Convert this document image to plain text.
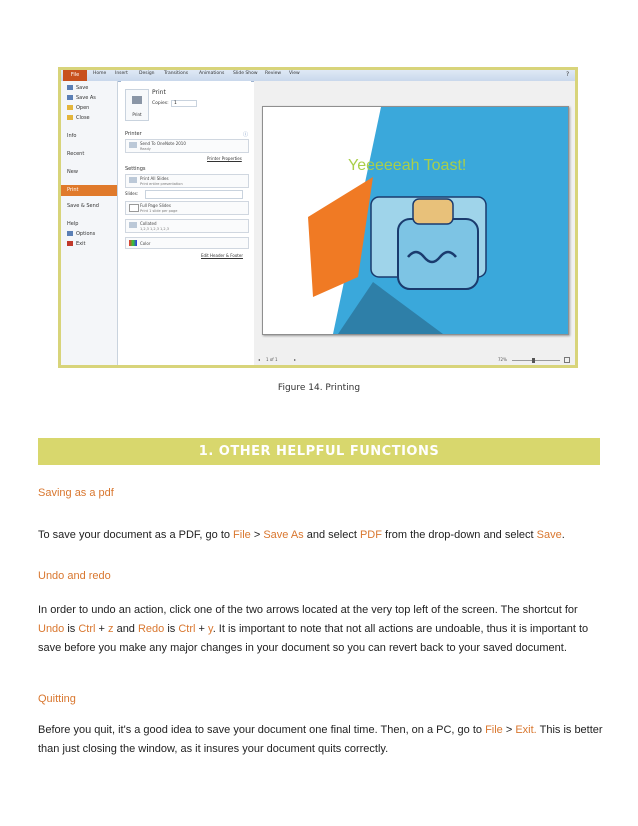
File	Home Insert Design Transitions Animations Slide Show Review View	?
Save
Save As
Open
Close
Info
Recent
New
Print
Save & Send
Help
Options
Exit
Print
Print
Copies:	1
Printer	ⓘ
Send To OneNote 2010
Ready
Printer Properties
Settings
Print All Slides
Print entire presentation
Slides:
Full Page Slides
Print 1 slide per page
Collated
1,2,3 1,2,3 1,2,3
Color
Edit Header & Footer
Yeeeeeah Toast!
◂ 1 of 1	▸	72%
Figure 14. Printing
1. OTHER HELPFUL FUNCTIONS
Saving as a pdf
To save your document as a PDF, go to File > Save As and select PDF from the drop-down and select Save.
Undo and redo
In order to undo an action, click one of the two arrows located at the very top left of the screen. The shortcut for Undo is Ctrl + z and Redo is Ctrl + y. It is important to note that not all actions are undoable, thus it is important to save before you make any major changes in your document so you can revert back to your saved document.
Quitting
Before you quit, it's a good idea to save your document one final time. Then, on a PC, go to File > Exit. This is better than just closing the window, as it insures your document quits correctly.
